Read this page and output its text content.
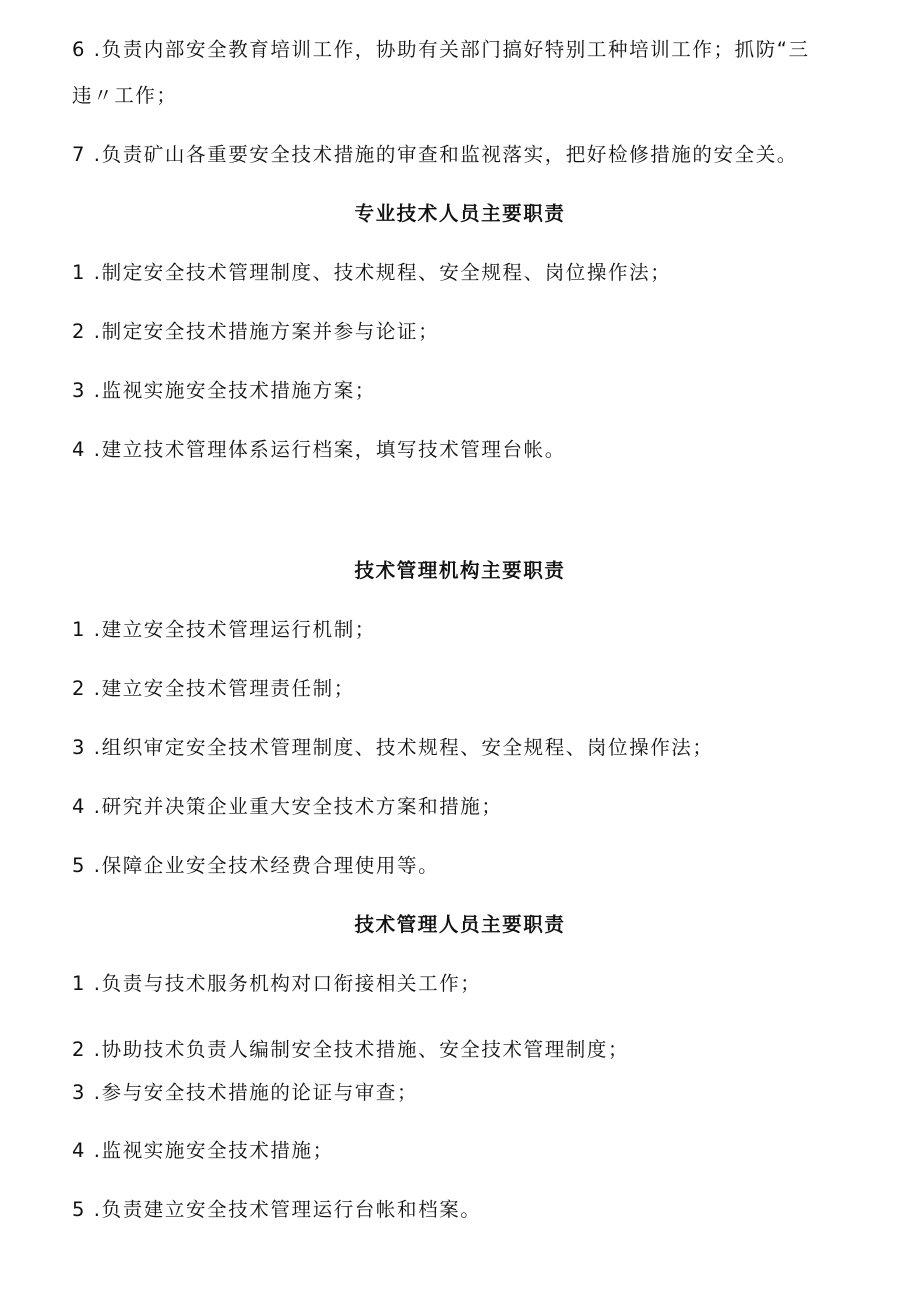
6 .负责内部安全教育培训工作，协助有关部门搞好特别工种培训工作；抓防“三

违〃工作；

7 .负责矿山各重要安全技术措施的审查和监视落实，把好检修措施的安全关。

专业技术人员主要职责

1 .制定安全技术管理制度、技术规程、安全规程、岗位操作法；

2 .制定安全技术措施方案并参与论证；

3 .监视实施安全技术措施方案；

4 .建立技术管理体系运行档案，填写技术管理台帐。

技术管理机构主要职责

1 .建立安全技术管理运行机制；

2 .建立安全技术管理责任制；

3 .组织审定安全技术管理制度、技术规程、安全规程、岗位操作法；

4 .研究并决策企业重大安全技术方案和措施；

5 .保障企业安全技术经费合理使用等。

技术管理人员主要职责

1 .负责与技术服务机构对口衔接相关工作；

2 .协助技术负责人编制安全技术措施、安全技术管理制度；

3 .参与安全技术措施的论证与审查；

4 .监视实施安全技术措施；

5 .负责建立安全技术管理运行台帐和档案。
